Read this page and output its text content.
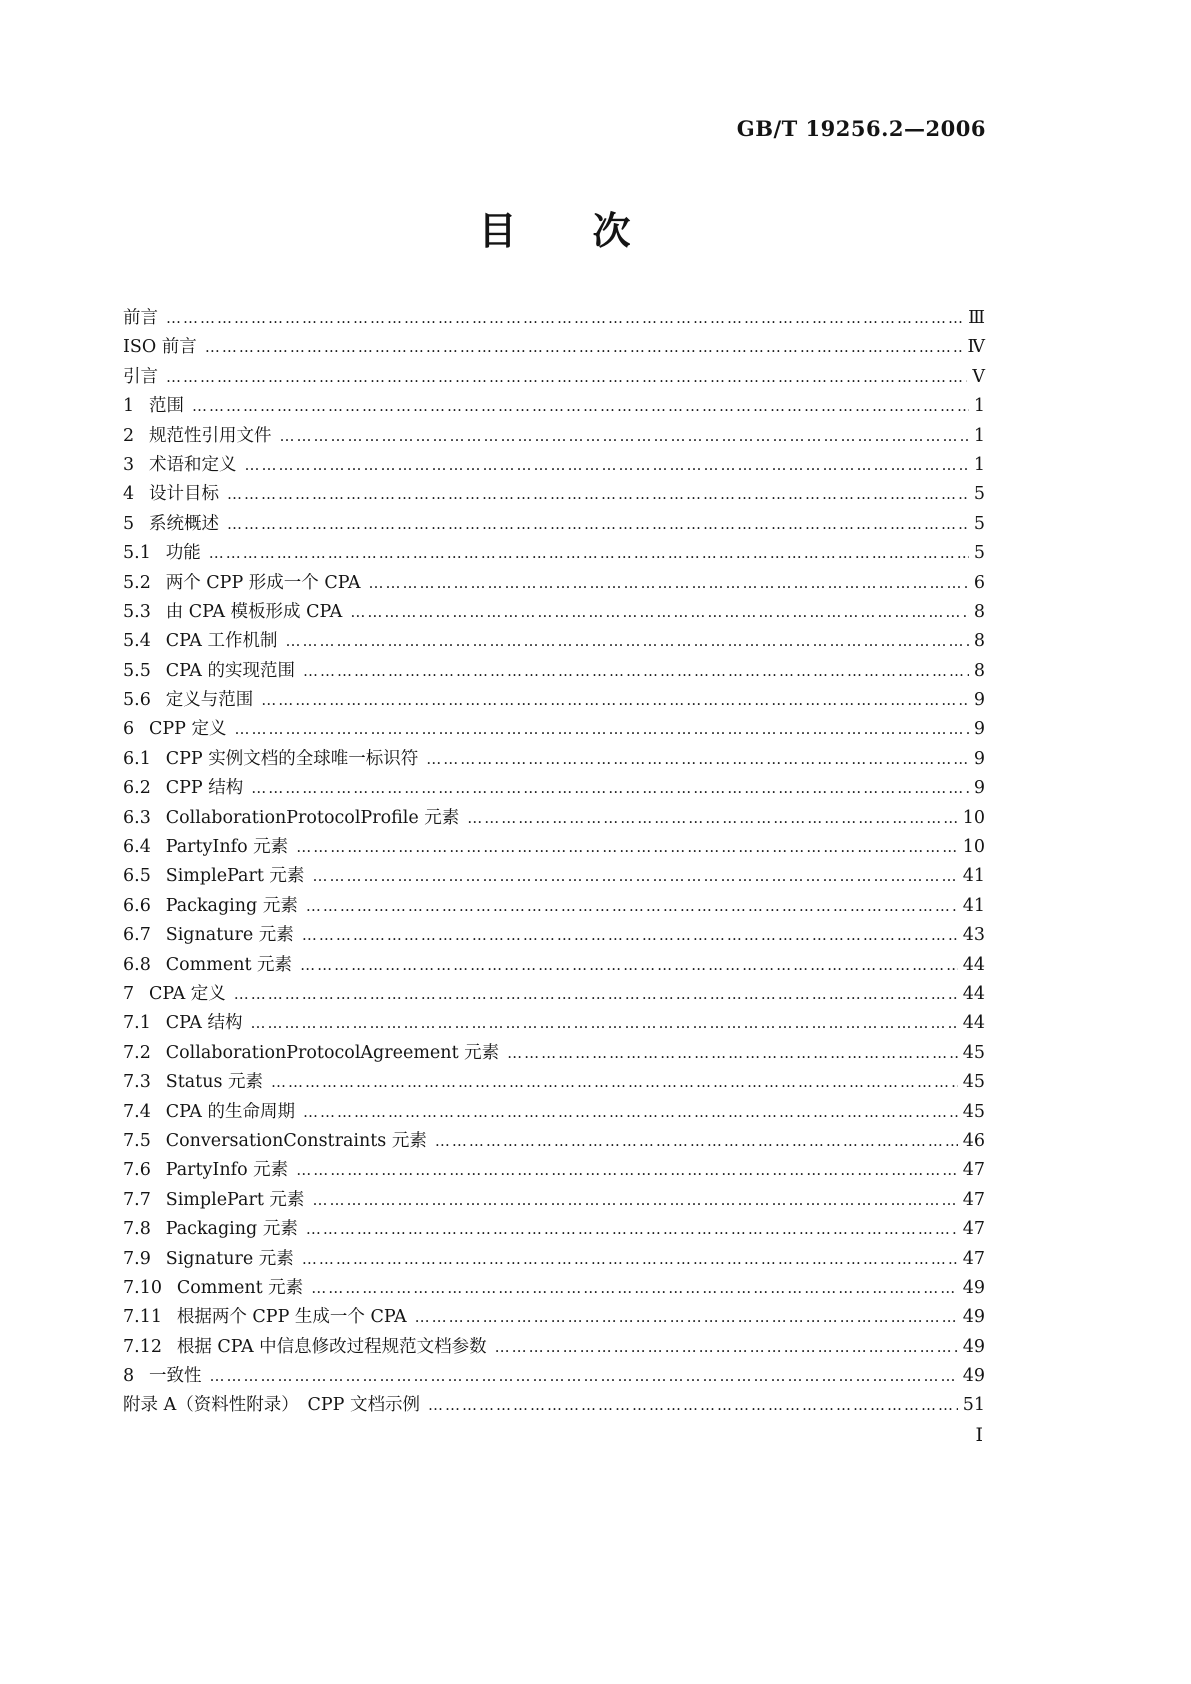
GB/T 19256.2—2006
目　　次
前言 ………………………………………………………………………………………………………………………………………………………………………………………………………………………………………………	Ⅲ
ISO 前言 ………………………………………………………………………………………………………………………………………………………………………………………………………………………………………………	Ⅳ
引言 ………………………………………………………………………………………………………………………………………………………………………………………………………………………………………………	Ⅴ
1 范围 ………………………………………………………………………………………………………………………………………………………………………………………………………………………………………………	1
2 规范性引用文件 ………………………………………………………………………………………………………………………………………………………………………………………………………………………………………………	1
3 术语和定义 ………………………………………………………………………………………………………………………………………………………………………………………………………………………………………………	1
4 设计目标 ………………………………………………………………………………………………………………………………………………………………………………………………………………………………………………	5
5 系统概述 ………………………………………………………………………………………………………………………………………………………………………………………………………………………………………………	5
5.1 功能 ………………………………………………………………………………………………………………………………………………………………………………………………………………………………………………	5
5.2 两个 CPP 形成一个 CPA ………………………………………………………………………………………………………………………………………………………………………………………………………………………………………………	6
5.3 由 CPA 模板形成 CPA ………………………………………………………………………………………………………………………………………………………………………………………………………………………………………………	8
5.4 CPA 工作机制 ………………………………………………………………………………………………………………………………………………………………………………………………………………………………………………	8
5.5 CPA 的实现范围 ………………………………………………………………………………………………………………………………………………………………………………………………………………………………………………	8
5.6 定义与范围 ………………………………………………………………………………………………………………………………………………………………………………………………………………………………………………	9
6 CPP 定义 ………………………………………………………………………………………………………………………………………………………………………………………………………………………………………………	9
6.1 CPP 实例文档的全球唯一标识符 ………………………………………………………………………………………………………………………………………………………………………………………………………………………………………………	9
6.2 CPP 结构 ………………………………………………………………………………………………………………………………………………………………………………………………………………………………………………	9
6.3 CollaborationProtocolProfile 元素 ………………………………………………………………………………………………………………………………………………………………………………………………………………………………………………	10
6.4 PartyInfo 元素 ………………………………………………………………………………………………………………………………………………………………………………………………………………………………………………	10
6.5 SimplePart 元素 ………………………………………………………………………………………………………………………………………………………………………………………………………………………………………………	41
6.6 Packaging 元素 ………………………………………………………………………………………………………………………………………………………………………………………………………………………………………………	41
6.7 Signature 元素 ………………………………………………………………………………………………………………………………………………………………………………………………………………………………………………	43
6.8 Comment 元素 ………………………………………………………………………………………………………………………………………………………………………………………………………………………………………………	44
7 CPA 定义 ………………………………………………………………………………………………………………………………………………………………………………………………………………………………………………	44
7.1 CPA 结构 ………………………………………………………………………………………………………………………………………………………………………………………………………………………………………………	44
7.2 CollaborationProtocolAgreement 元素 ………………………………………………………………………………………………………………………………………………………………………………………………………………………………………………	45
7.3 Status 元素 ………………………………………………………………………………………………………………………………………………………………………………………………………………………………………………	45
7.4 CPA 的生命周期 ………………………………………………………………………………………………………………………………………………………………………………………………………………………………………………	45
7.5 ConversationConstraints 元素 ………………………………………………………………………………………………………………………………………………………………………………………………………………………………………………	46
7.6 PartyInfo 元素 ………………………………………………………………………………………………………………………………………………………………………………………………………………………………………………	47
7.7 SimplePart 元素 ………………………………………………………………………………………………………………………………………………………………………………………………………………………………………………	47
7.8 Packaging 元素 ………………………………………………………………………………………………………………………………………………………………………………………………………………………………………………	47
7.9 Signature 元素 ………………………………………………………………………………………………………………………………………………………………………………………………………………………………………………	47
7.10 Comment 元素 ………………………………………………………………………………………………………………………………………………………………………………………………………………………………………………	49
7.11 根据两个 CPP 生成一个 CPA ………………………………………………………………………………………………………………………………………………………………………………………………………………………………………………	49
7.12 根据 CPA 中信息修改过程规范文档参数 ………………………………………………………………………………………………………………………………………………………………………………………………………………………………………………	49
8 一致性 ………………………………………………………………………………………………………………………………………………………………………………………………………………………………………………	49
附录 A（资料性附录）　CPP 文档示例 ………………………………………………………………………………………………………………………………………………………………………………………………………………………………………………	51
Ⅰ
